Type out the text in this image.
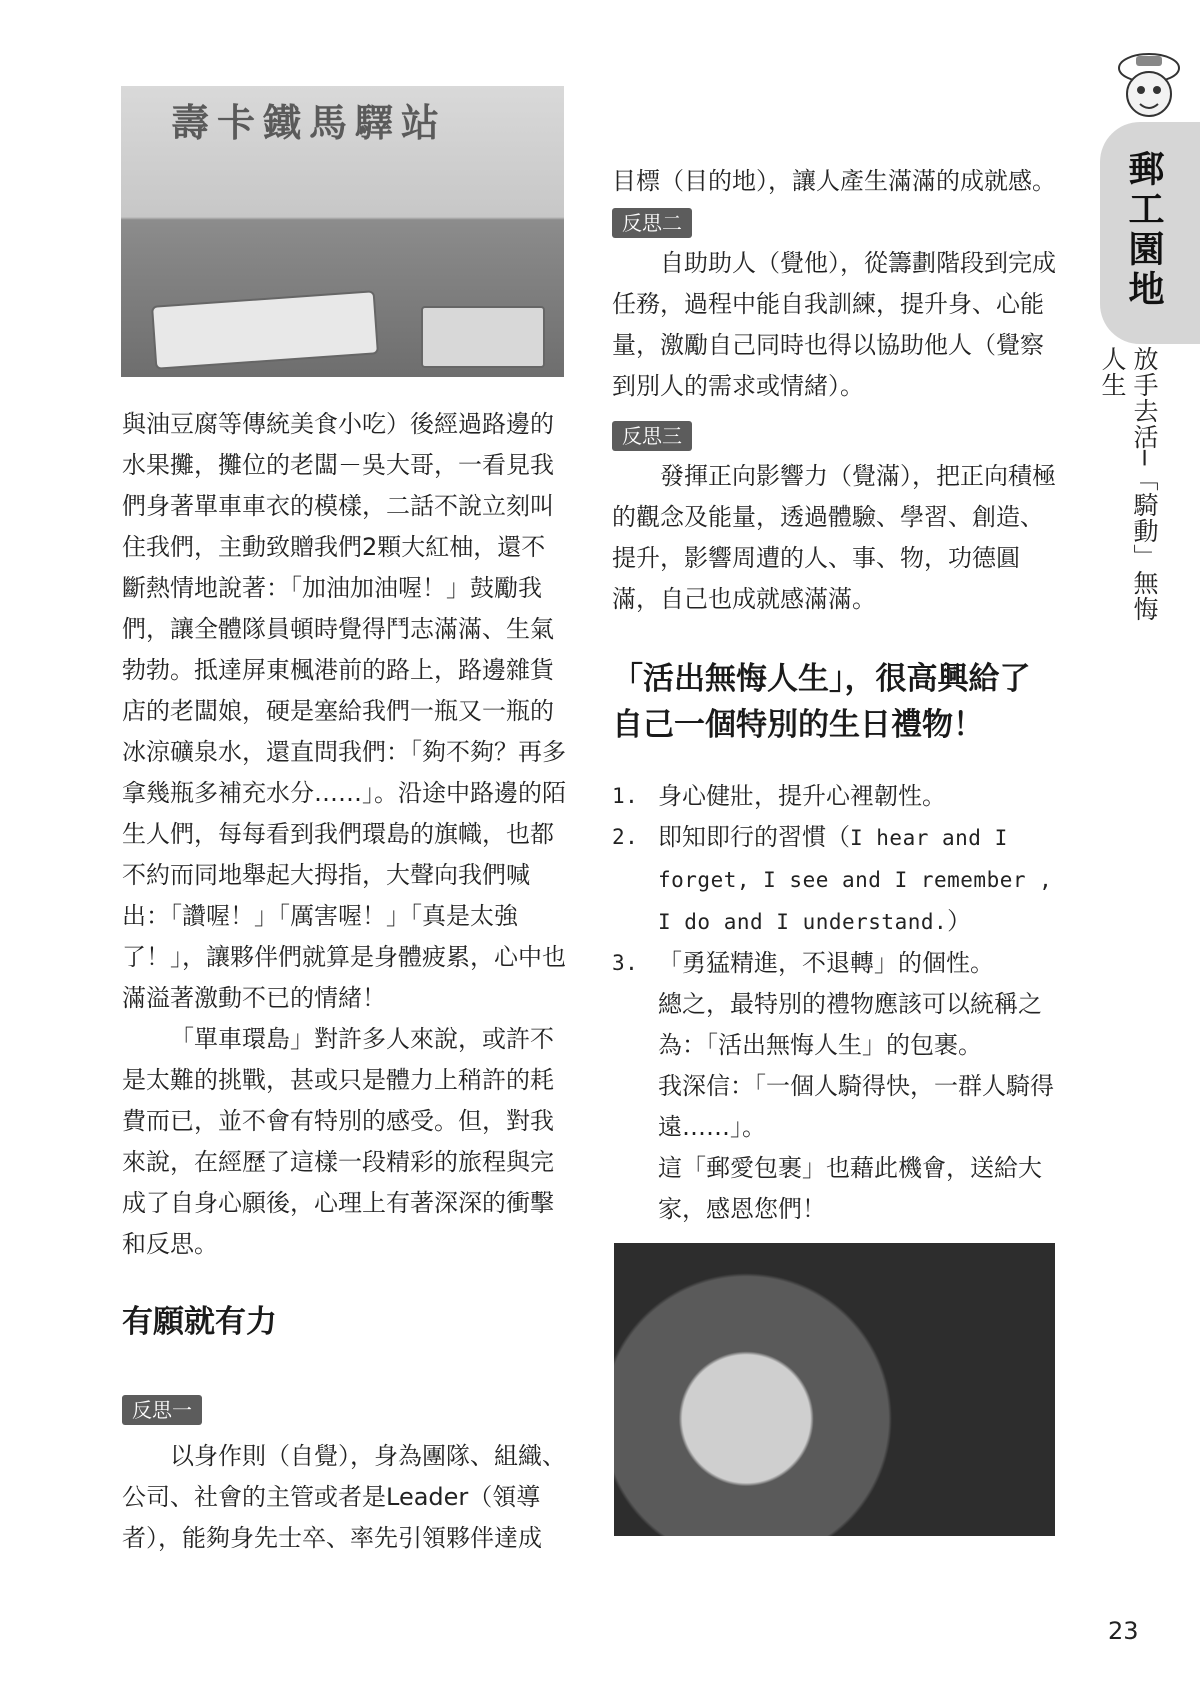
壽卡鐵馬驛站

與油豆腐等傳統美食小吃）後經過路邊的水果攤，攤位的老闆－吳大哥，一看見我們身著單車車衣的模樣，二話不說立刻叫住我們，主動致贈我們2顆大紅柚，還不斷熱情地說著：「加油加油喔！」鼓勵我們，讓全體隊員頓時覺得鬥志滿滿、生氣勃勃。抵達屏東楓港前的路上，路邊雜貨店的老闆娘，硬是塞給我們一瓶又一瓶的冰涼礦泉水，還直問我們：「夠不夠？再多拿幾瓶多補充水分……」。沿途中路邊的陌生人們，每每看到我們環島的旗幟，也都不約而同地舉起大拇指，大聲向我們喊出：「讚喔！」「厲害喔！」「真是太強了！」，讓夥伴們就算是身體疲累，心中也滿溢著激動不已的情緒！

「單車環島」對許多人來說，或許不是太難的挑戰，甚或只是體力上稍許的耗費而已，並不會有特別的感受。但，對我來說，在經歷了這樣一段精彩的旅程與完成了自身心願後，心理上有著深深的衝擊和反思。

有願就有力
反思一

以身作則（自覺），身為團隊、組織、公司、社會的主管或者是Leader（領導者），能夠身先士卒、率先引領夥伴達成

目標（目的地），讓人產生滿滿的成就感。

反思二

自助助人（覺他），從籌劃階段到完成任務，過程中能自我訓練，提升身、心能量，激勵自己同時也得以協助他人（覺察到別人的需求或情緒）。

反思三

發揮正向影響力（覺滿），把正向積極的觀念及能量，透過體驗、學習、創造、提升，影響周遭的人、事、物，功德圓滿，自己也成就感滿滿。

「活出無悔人生」，很高興給了
自己一個特別的生日禮物！
1. 身心健壯，提升心裡韌性。
2. 即知即行的習慣（I hear and I forget, I see and I remember , I do and I understand.）
3. 「勇猛精進，不退轉」的個性。

總之，最特別的禮物應該可以統稱之為：「活出無悔人生」的包裹。

我深信：「一個人騎得快，一群人騎得遠……」。

這「郵愛包裹」也藉此機會，送給大家，感恩您們！

郵工園地
放手去活─「騎動」無悔人生
23
